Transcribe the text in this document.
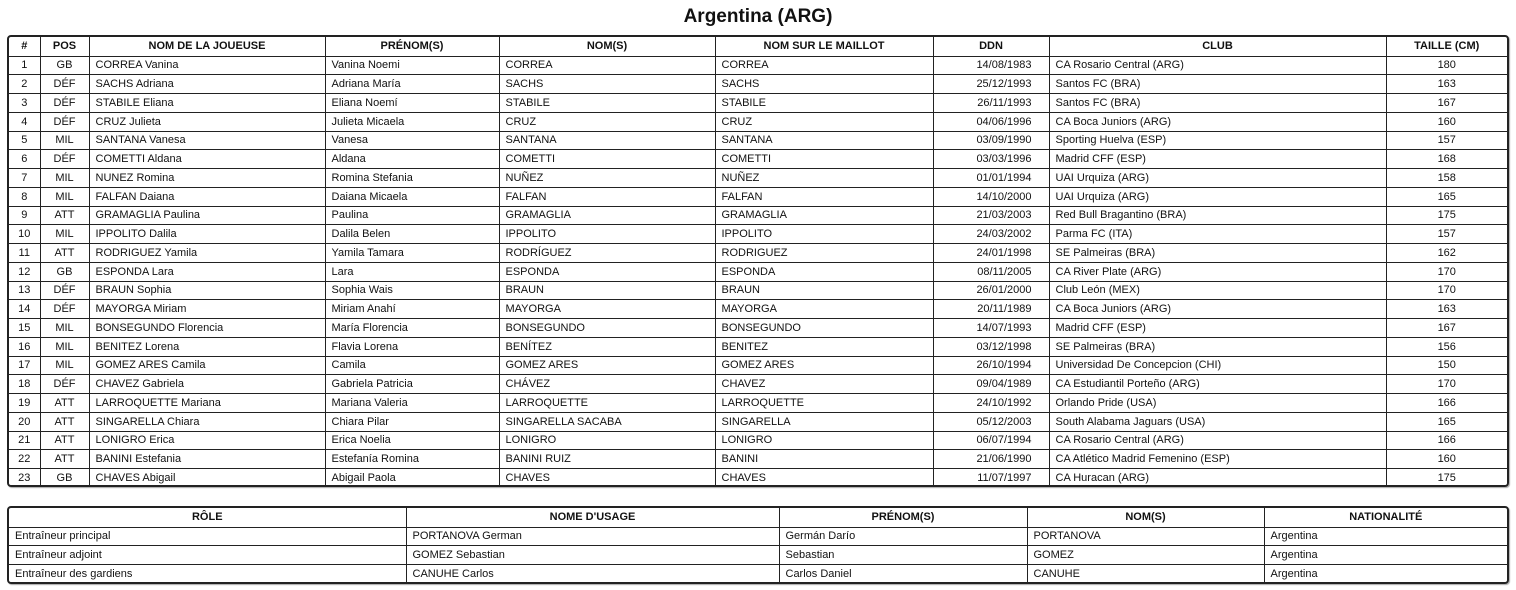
Argentina (ARG)
#	POS	NOM DE LA JOUEUSE	PRÉNOM(S)	NOM(S)	NOM SUR LE MAILLOT	DDN	CLUB	TAILLE (CM)
1	GB	CORREA Vanina	Vanina Noemi	CORREA	CORREA	14/08/1983	CA Rosario Central (ARG)	180
2	DÉF	SACHS Adriana	Adriana María	SACHS	SACHS	25/12/1993	Santos FC (BRA)	163
3	DÉF	STABILE Eliana	Eliana Noemí	STABILE	STABILE	26/11/1993	Santos FC (BRA)	167
4	DÉF	CRUZ Julieta	Julieta Micaela	CRUZ	CRUZ	04/06/1996	CA Boca Juniors (ARG)	160
5	MIL	SANTANA Vanesa	Vanesa	SANTANA	SANTANA	03/09/1990	Sporting Huelva (ESP)	157
6	DÉF	COMETTI Aldana	Aldana	COMETTI	COMETTI	03/03/1996	Madrid CFF (ESP)	168
7	MIL	NUNEZ Romina	Romina Stefania	NUÑEZ	NUÑEZ	01/01/1994	UAI Urquiza (ARG)	158
8	MIL	FALFAN Daiana	Daiana Micaela	FALFAN	FALFAN	14/10/2000	UAI Urquiza (ARG)	165
9	ATT	GRAMAGLIA Paulina	Paulina	GRAMAGLIA	GRAMAGLIA	21/03/2003	Red Bull Bragantino (BRA)	175
10	MIL	IPPOLITO Dalila	Dalila Belen	IPPOLITO	IPPOLITO	24/03/2002	Parma FC (ITA)	157
11	ATT	RODRIGUEZ Yamila	Yamila Tamara	RODRÍGUEZ	RODRIGUEZ	24/01/1998	SE Palmeiras (BRA)	162
12	GB	ESPONDA Lara	Lara	ESPONDA	ESPONDA	08/11/2005	CA River Plate (ARG)	170
13	DÉF	BRAUN Sophia	Sophia Wais	BRAUN	BRAUN	26/01/2000	Club León (MEX)	170
14	DÉF	MAYORGA Miriam	Miriam Anahí	MAYORGA	MAYORGA	20/11/1989	CA Boca Juniors (ARG)	163
15	MIL	BONSEGUNDO Florencia	María Florencia	BONSEGUNDO	BONSEGUNDO	14/07/1993	Madrid CFF (ESP)	167
16	MIL	BENITEZ Lorena	Flavia Lorena	BENÍTEZ	BENITEZ	03/12/1998	SE Palmeiras (BRA)	156
17	MIL	GOMEZ ARES Camila	Camila	GOMEZ ARES	GOMEZ ARES	26/10/1994	Universidad De Concepcion (CHI)	150
18	DÉF	CHAVEZ Gabriela	Gabriela Patricia	CHÁVEZ	CHAVEZ	09/04/1989	CA Estudiantil Porteño (ARG)	170
19	ATT	LARROQUETTE Mariana	Mariana Valeria	LARROQUETTE	LARROQUETTE	24/10/1992	Orlando Pride (USA)	166
20	ATT	SINGARELLA Chiara	Chiara Pilar	SINGARELLA SACABA	SINGARELLA	05/12/2003	South Alabama Jaguars (USA)	165
21	ATT	LONIGRO Erica	Erica Noelia	LONIGRO	LONIGRO	06/07/1994	CA Rosario Central (ARG)	166
22	ATT	BANINI Estefania	Estefanía Romina	BANINI RUIZ	BANINI	21/06/1990	CA Atlético Madrid Femenino (ESP)	160
23	GB	CHAVES Abigail	Abigail Paola	CHAVES	CHAVES	11/07/1997	CA Huracan (ARG)	175
RÔLE	NOME D'USAGE	PRÉNOM(S)	NOM(S)	NATIONALITÉ
Entraîneur principal	PORTANOVA German	Germán Darío	PORTANOVA	Argentina
Entraîneur adjoint	GOMEZ Sebastian	Sebastian	GOMEZ	Argentina
Entraîneur des gardiens	CANUHE Carlos	Carlos Daniel	CANUHE	Argentina
